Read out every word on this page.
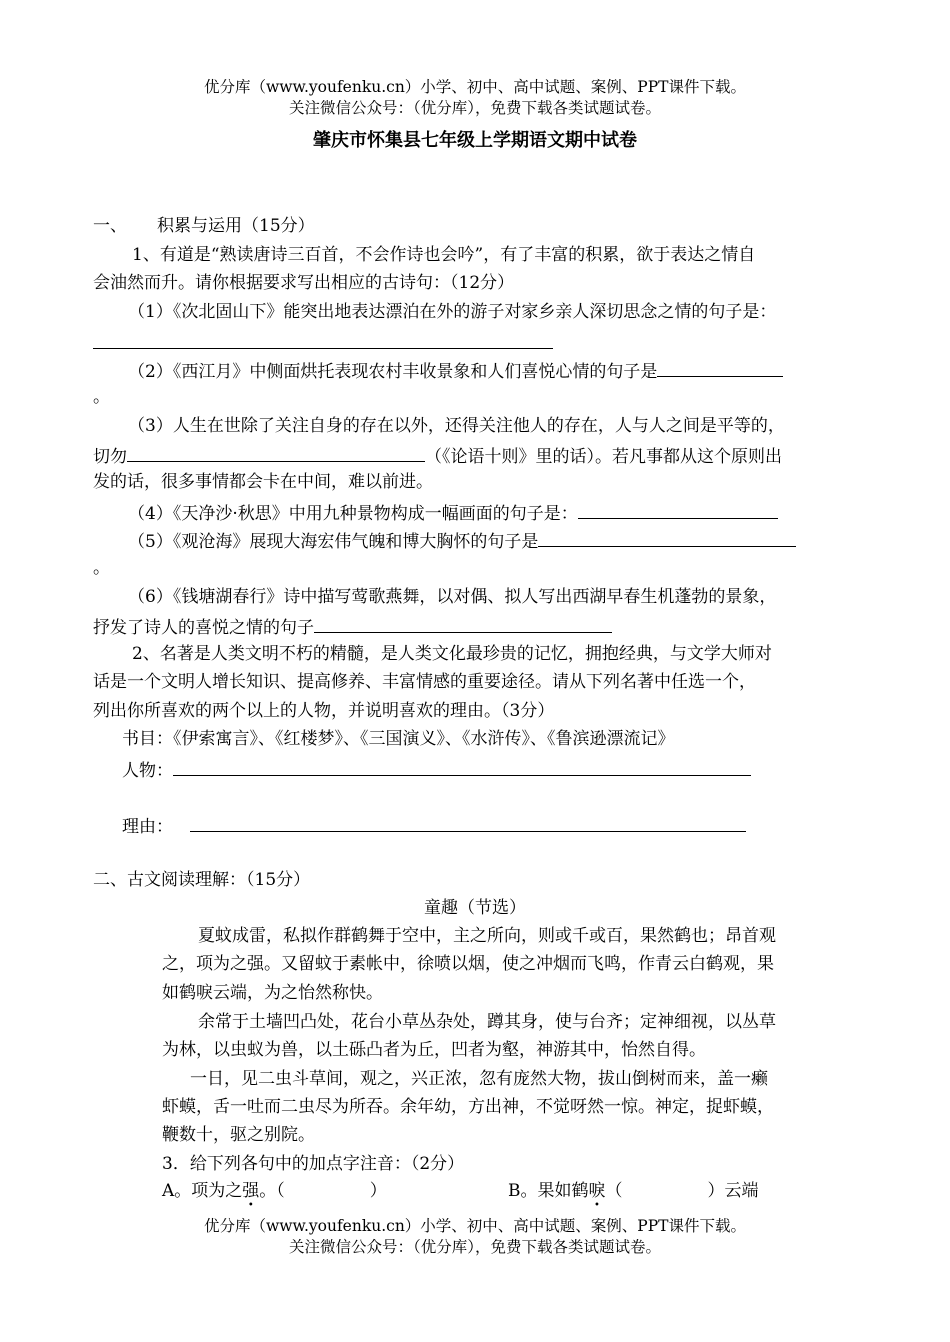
优分库（www.youfenku.cn）小学、初中、高中试题、案例、PPT课件下载。
关注微信公众号：（优分库），免费下载各类试题试卷。
肇庆市怀集县七年级上学期语文期中试卷
一、 积累与运用（15分）
1、有道是“熟读唐诗三百首，不会作诗也会吟”，有了丰富的积累，欲于表达之情自
会油然而升。请你根据要求写出相应的古诗句：（12分）
（1）《次北固山下》能突出地表达漂泊在外的游子对家乡亲人深切思念之情的句子是：
（2）《西江月》中侧面烘托表现农村丰收景象和人们喜悦心情的句子是
。
（3）人生在世除了关注自身的存在以外，还得关注他人的存在，人与人之间是平等的，
切勿	（《论语十则》里的话）。若凡事都从这个原则出
发的话，很多事情都会卡在中间，难以前进。
（4）《天净沙·秋思》中用九种景物构成一幅画面的句子是：
（5）《观沧海》展现大海宏伟气魄和博大胸怀的句子是
。
（6）《钱塘湖春行》诗中描写莺歌燕舞，以对偶、拟人写出西湖早春生机蓬勃的景象，
抒发了诗人的喜悦之情的句子
2、名著是人类文明不朽的精髓，是人类文化最珍贵的记忆，拥抱经典，与文学大师对
话是一个文明人增长知识、提高修养、丰富情感的重要途径。请从下列名著中任选一个，
列出你所喜欢的两个以上的人物，并说明喜欢的理由。（3分）
书目：《伊索寓言》、《红楼梦》、《三国演义》、《水浒传》、《鲁滨逊漂流记》
人物：
理由：
二、古文阅读理解：（15分）
童趣（节选）
夏蚊成雷，私拟作群鹤舞于空中，主之所向，则或千或百，果然鹤也；昂首观
之，项为之强。又留蚊于素帐中，徐喷以烟，使之冲烟而飞鸣，作青云白鹤观，果
如鹤唳云端，为之怡然称快。
余常于土墙凹凸处，花台小草丛杂处，蹲其身，使与台齐；定神细视，以丛草
为林，以虫蚁为兽，以土砾凸者为丘，凹者为壑，神游其中，怡然自得。
一日，见二虫斗草间，观之，兴正浓，忽有庞然大物，拔山倒树而来，盖一癞
虾蟆，舌一吐而二虫尽为所吞。余年幼，方出神，不觉呀然一惊。神定，捉虾蟆，
鞭数十，驱之别院。
3．给下列各句中的加点字注音：（2分）
A。项为之强。（　　　　　）	B。果如鹤唳（　　　　　）云端
优分库（www.youfenku.cn）小学、初中、高中试题、案例、PPT课件下载。
关注微信公众号：（优分库），免费下载各类试题试卷。
